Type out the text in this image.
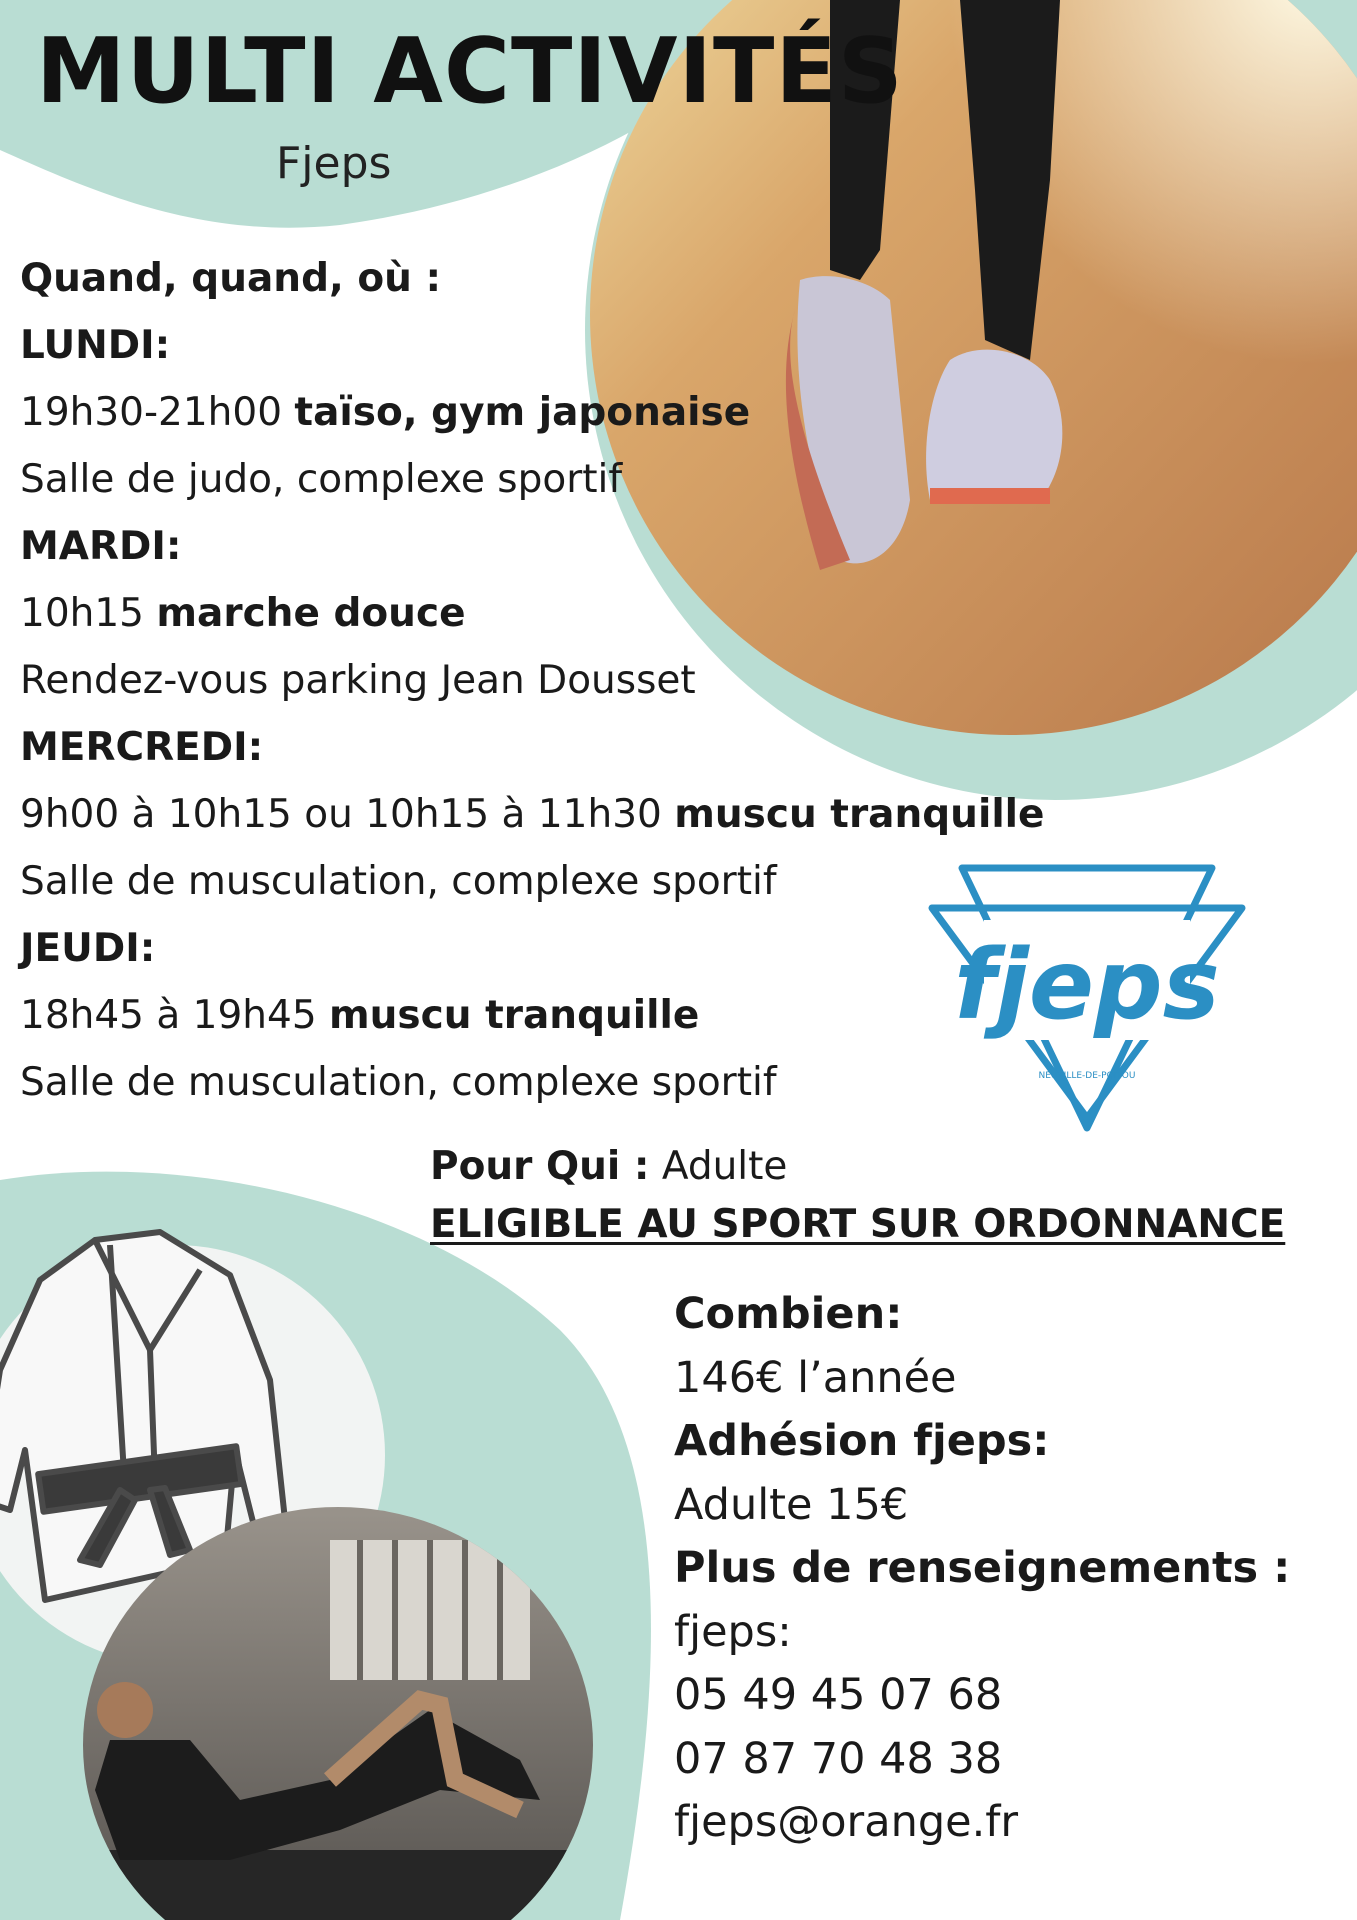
MULTI ACTIVITÉS
Fjeps
Quand, quand, où :
LUNDI:
19h30-21h00 taïso, gym japonaise
Salle de judo, complexe sportif
MARDI:
10h15 marche douce
Rendez-vous parking Jean Dousset
MERCREDI:
9h00 à 10h15 ou 10h15 à 11h30 muscu tranquille
Salle de musculation, complexe sportif
JEUDI:
18h45 à 19h45 muscu tranquille
Salle de musculation, complexe sportif
fjeps
NEUVILLE-DE-POITOU
Pour Qui : Adulte
ELIGIBLE AU SPORT SUR ORDONNANCE
Combien:
146€ l’année
Adhésion fjeps:
Adulte 15€
Plus de renseignements :
fjeps:
05 49 45 07 68
07 87 70 48 38
fjeps@orange.fr
